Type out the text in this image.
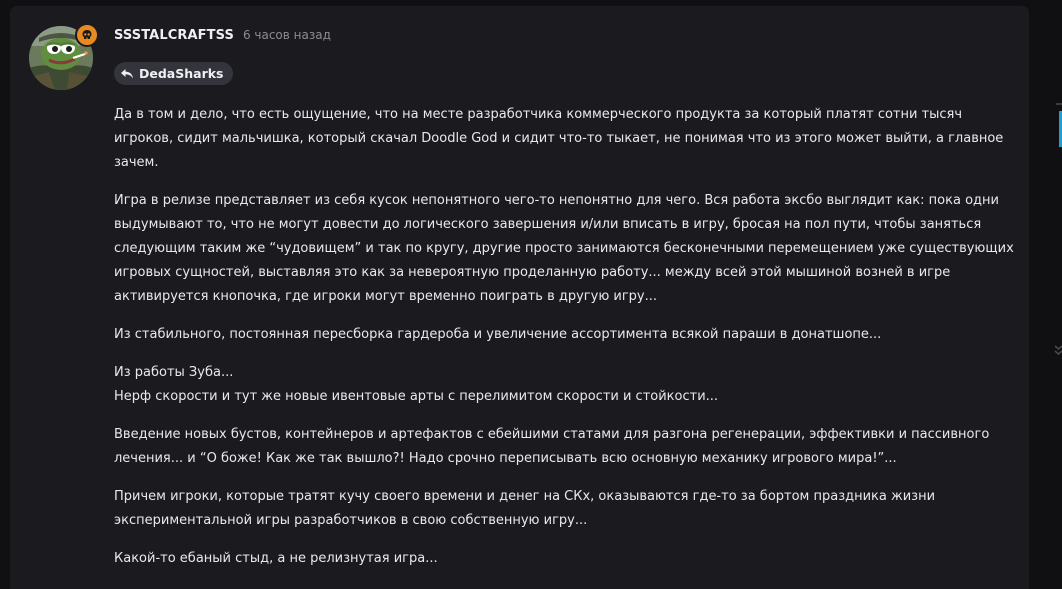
SSSTALCRAFTSS 6 часов назад
DedaSharks

Да в том и дело, что есть ощущение, что на месте разработчика коммерческого продукта за который платят сотни тысяч игроков, сидит мальчишка, который скачал Doodle God и сидит что-то тыкает, не понимая что из этого может выйти, а главное зачем.

Игра в релизе представляет из себя кусок непонятного чего-то непонятно для чего. Вся работа эксбо выглядит как: пока одни выдумывают то, что не могут довести до логического завершения и/или вписать в игру, бросая на пол пути, чтобы заняться следующим таким же “чудовищем” и так по кругу, другие просто занимаются бесконечными перемещением уже существующих игровых сущностей, выставляя это как за невероятную проделанную работу... между всей этой мышиной возней в игре активируется кнопочка, где игроки могут временно поиграть в другую игру...

Из стабильного, постоянная пересборка гардероба и увеличение ассортимента всякой параши в донатшопе...

Из работы Зуба...
Нерф скорости и тут же новые ивентовые арты с перелимитом скорости и стойкости...

Введение новых бустов, контейнеров и артефактов с ебейшими статами для разгона регенерации, эффективки и пассивного лечения... и “О боже! Как же так вышло?! Надо срочно переписывать всю основную механику игрового мира!”...

Причем игроки, которые тратят кучу своего времени и денег на СКх, оказываются где-то за бортом праздника жизни экспериментальной игры разработчиков в свою собственную игру...

Какой-то ебаный стыд, а не релизнутая игра...
